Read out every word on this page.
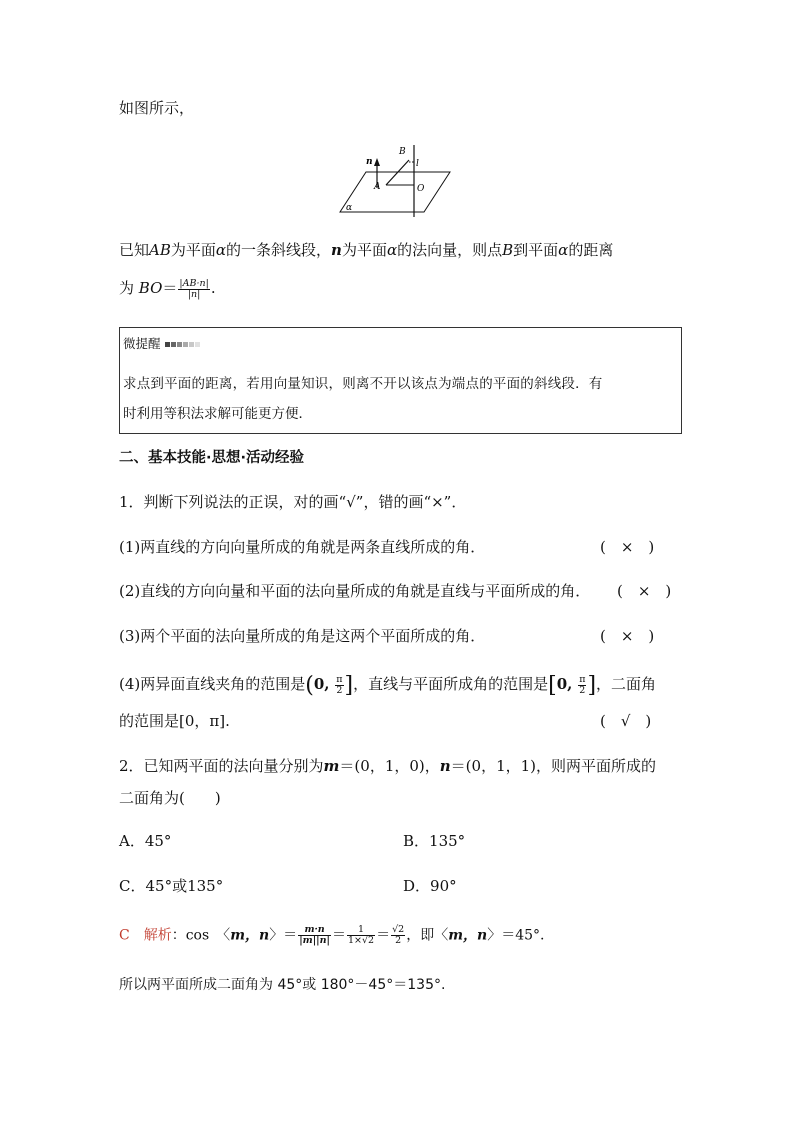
如图所示，
n
B
l
A	O
α
已知AB为平面α的一条斜线段，n为平面α的法向量，则点B到平面α的距离
为 $BO= \frac{|AB\cdot n|}{|n|}$ .
微提醒
求点到平面的距离，若用向量知识，则离不开以该点为端点的平面的斜线段．有
时利用等积法求解可能更方便．
二、基本技能·思想·活动经验
1．判断下列说法的正误，对的画“√”，错的画“×”．
(1)两直线的方向向量所成的角就是两条直线所成的角．	(　×　)
(2)直线的方向向量和平面的法向量所成的角就是直线与平面所成的角． (　×　)
(3)两个平面的法向量所成的角是这两个平面所成的角．	(　×　)
(4)两异面直线夹角的范围是(0, $\frac{\pi}{2}$ ]，直线与平面所成角的范围是[0, $\frac{\pi}{2}$ ]，二面角
的范围是[0，π].	(　√　)
2．已知两平面的法向量分别为m＝(0，1，0)，n＝(0，1，1)，则两平面所成的
二面角为(　　)
A．45°	B．135°
C．45°或135°	D．90°
C　 解析：cos　〈m，n〉＝ $\frac{m\cdot n}{|m||n|} = \frac{1}{1\times√2} = \frac{√2}{2}$ ，即〈m，n〉＝45°.
所以两平面所成二面角为 45°或 180°－45°＝135°.
